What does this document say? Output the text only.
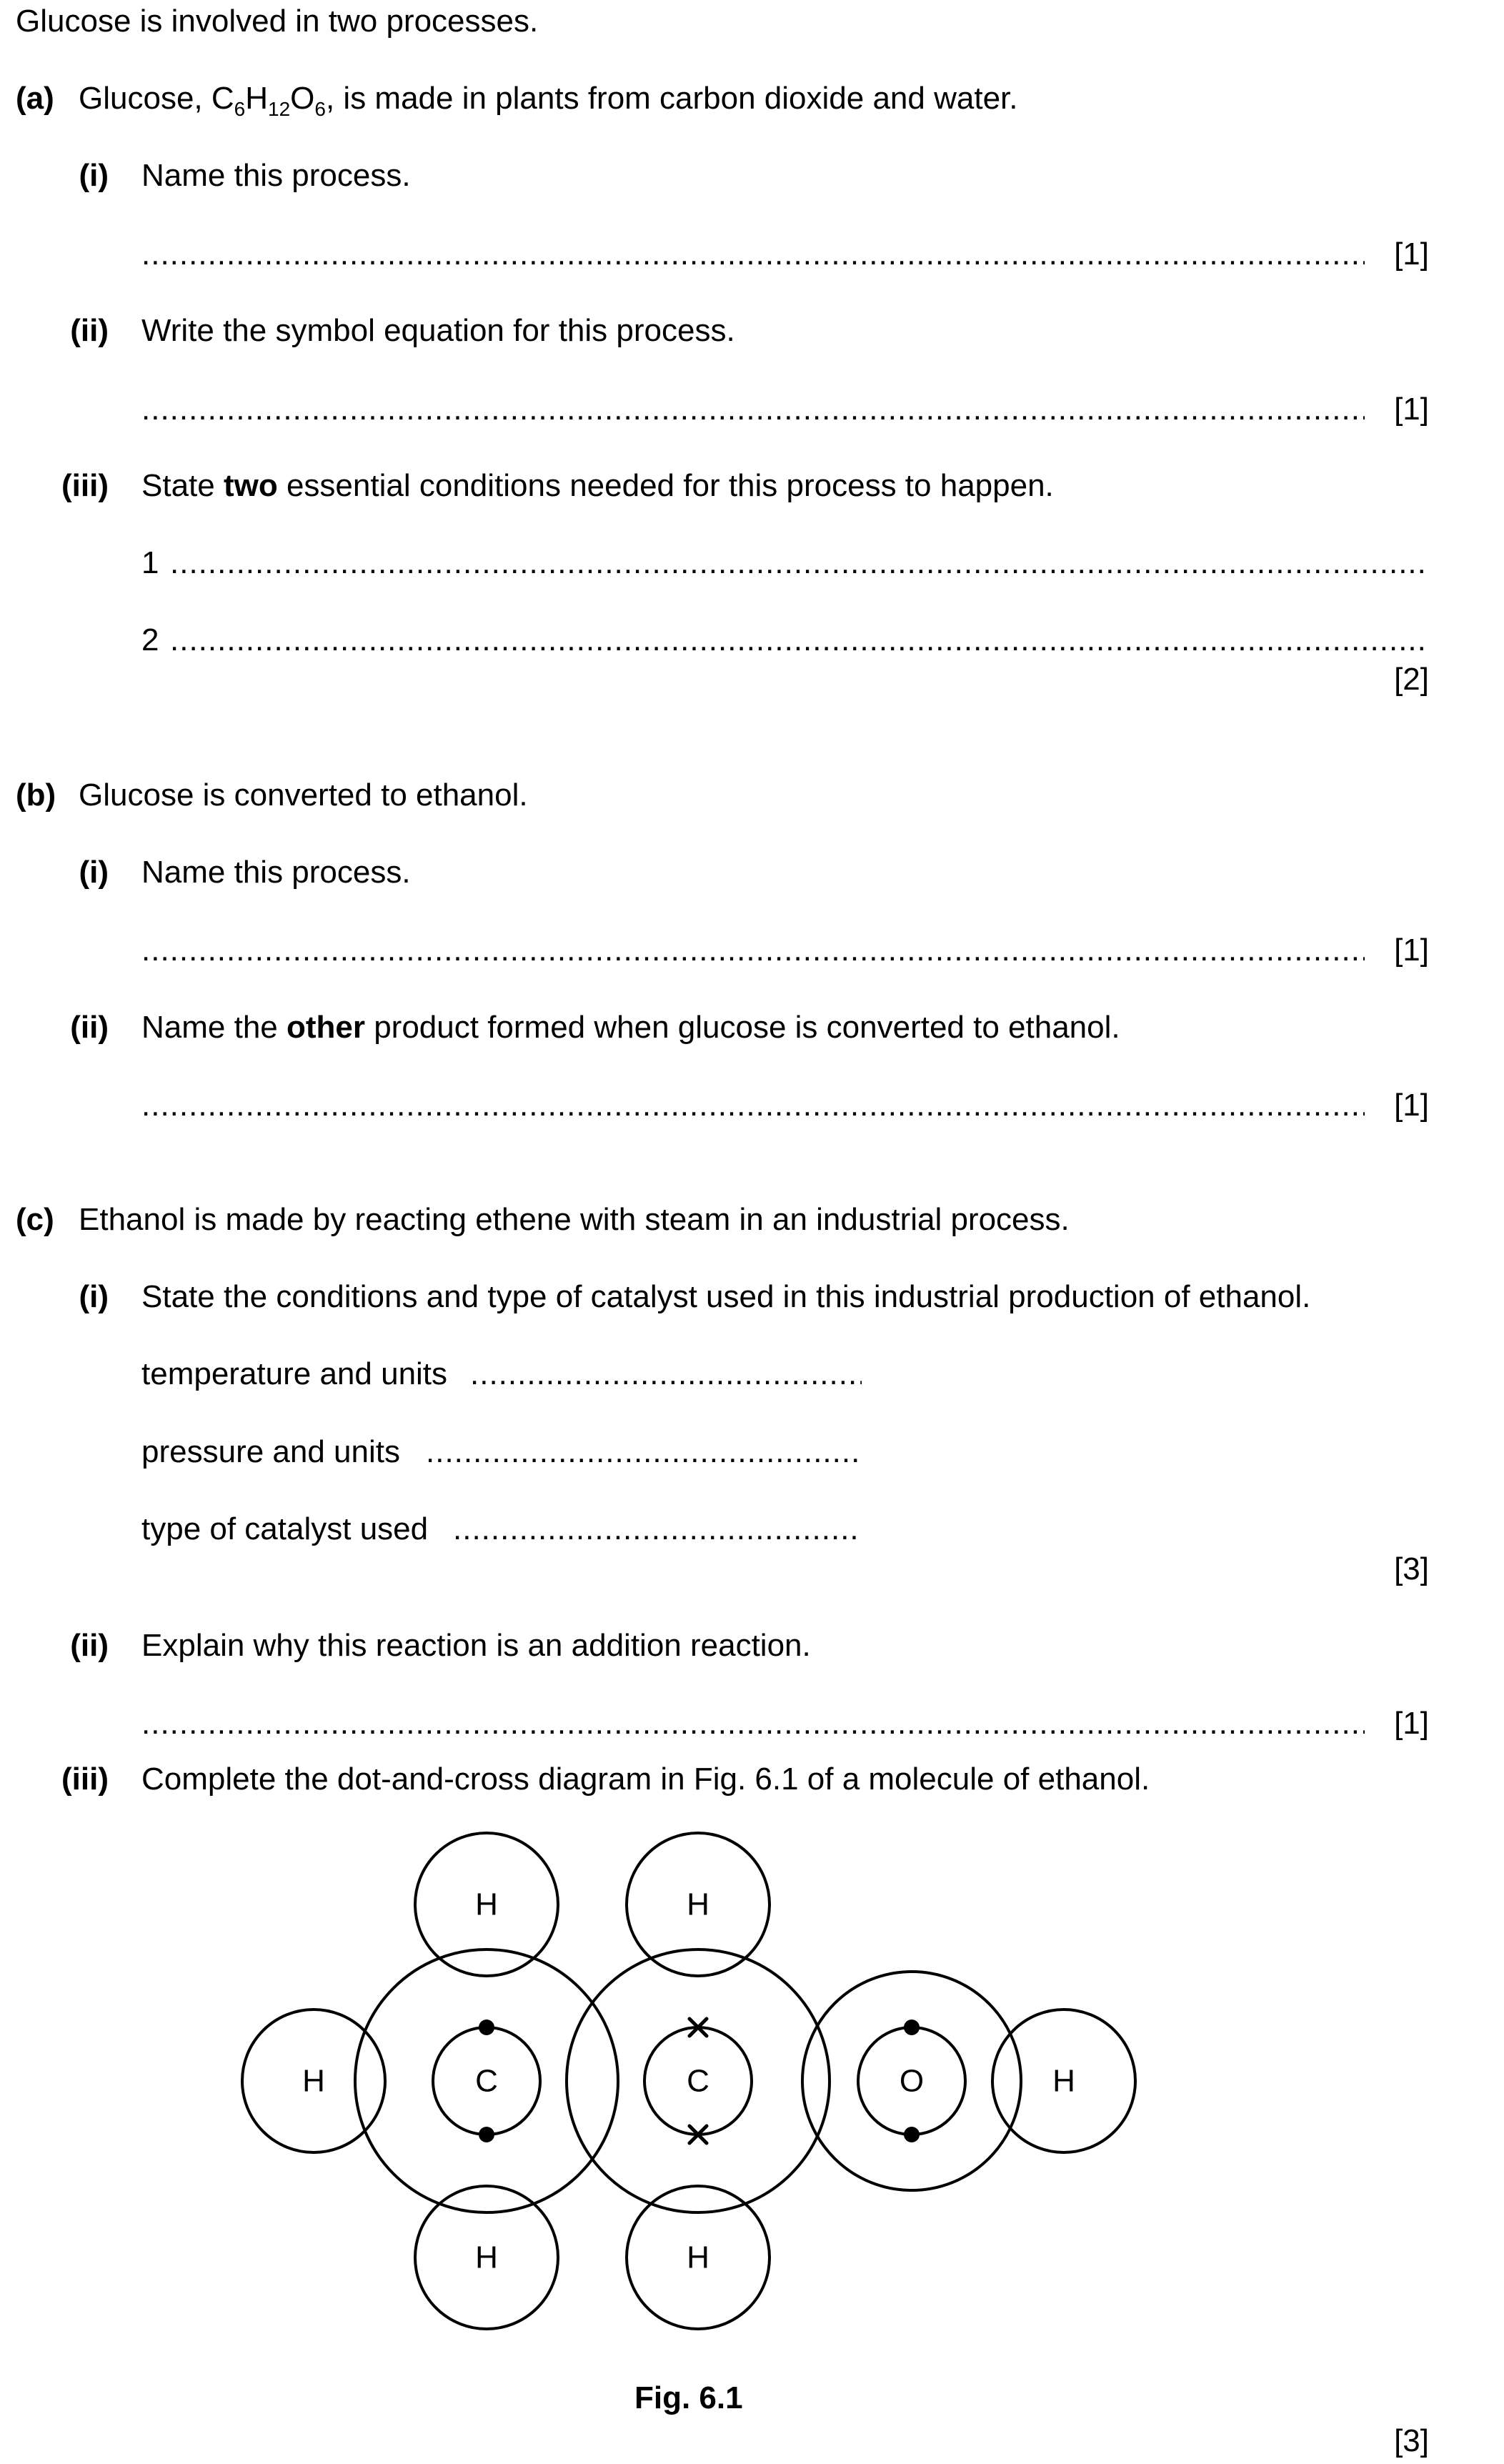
Glucose is involved in two processes.
(a) Glucose, $C_6H_{12}O_6$, is made in plants from carbon dioxide and water.
(i) Name this process.
.....
[1]
(ii) Write the symbol equation for this process.
.....
[1]
(iii) State two essential conditions needed for this process to happen.
1
.....
2
.....
[2]
(b) Glucose is converted to ethanol.
(i) Name this process.
.....
[1]
(ii) Name the other product formed when glucose is converted to ethanol.
.....
[1]
(c) Ethanol is made by reacting ethene with steam in an industrial process.
(i) State the conditions and type of catalyst used in this industrial production of ethanol.
temperature and units
.....
pressure and units
.....
type of catalyst used
.....
[3]
(ii) Explain why this reaction is an addition reaction.
.....
[1]
(iii) Complete the dot-and-cross diagram in Fig. 6.1 of a molecule of ethanol.
H
H	H
H	H
H
C	C	O
Fig. 6.1
[3]
